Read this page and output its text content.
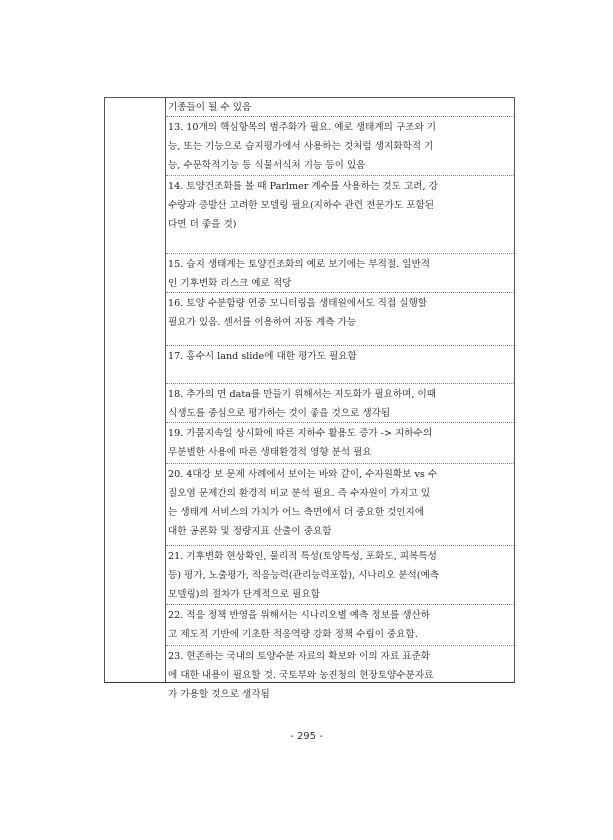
기종들이 될 수 있음
13. 10개의 핵심항목의 범주화가 필요. 예로 생태계의 구조와 기
능, 또는 기능으로 습지평가에서 사용하는 것처럼 생지화학적 기
능, 수문학적기능 등 식물서식처 기능 등이 있음
14. 토양건조화를 볼 때 Parlmer 계수를 사용하는 것도 고려, 강
수량과 증발산 고려한 모델링 필요(지하수 관련 전문가도 포함된
다면 더 좋을 것)
15. 습지 생태계는 토양건조화의 예로 보기에는 부적절. 일반적
인 기후변화 리스크 예로 적당
16. 토양 수분함량 연중 모니터링을 생태원에서도 직접 실행할
필요가 있음. 센서를 이용하여 자동 계측 가능
17. 홍수시 land slide에 대한 평가도 필요함
18. 추가의 면 data를 만들기 위해서는 지도화가 필요하며, 이때
식생도를 중심으로 평가하는 것이 좋을 것으로 생각됨
19. 가뭄지속일 상시화에 따른 지하수 활용도 증가 -> 지하수의
무분별한 사용에 따른 생태환경적 영향 분석 필요
20. 4대강 보 문제 사례에서 보이는 바와 같이, 수자원확보 vs 수
질오염 문제간의 환경적 비교 분석 필요. 즉 수자원이 가지고 있
는 생태계 서비스의 가치가 어느 측면에서 더 중요한 것인지에
대한 공론화 및 정량지표 산출이 중요함
21. 기후변화 현상확인, 물리적 특성(토양특성, 포화도, 피복특성
등) 평가, 노출평가, 적응능력(관리능력포함), 시나리오 분석(예측
모델링)의 절차가 단계적으로 필요함
22. 적응 정책 반영을 위해서는 시나리오별 예측 정보를 생산하
고 제도적 기반에 기초한 적응역량 강화 정책 수립이 중요함.
23. 현존하는 국내의 토양수분 자료의 확보와 이의 자료 표준화
에 대한 내용이 필요할 것. 국토부와 농진청의 현장토양수분자료
가 가용할 것으로 생각됨
- 295 -
